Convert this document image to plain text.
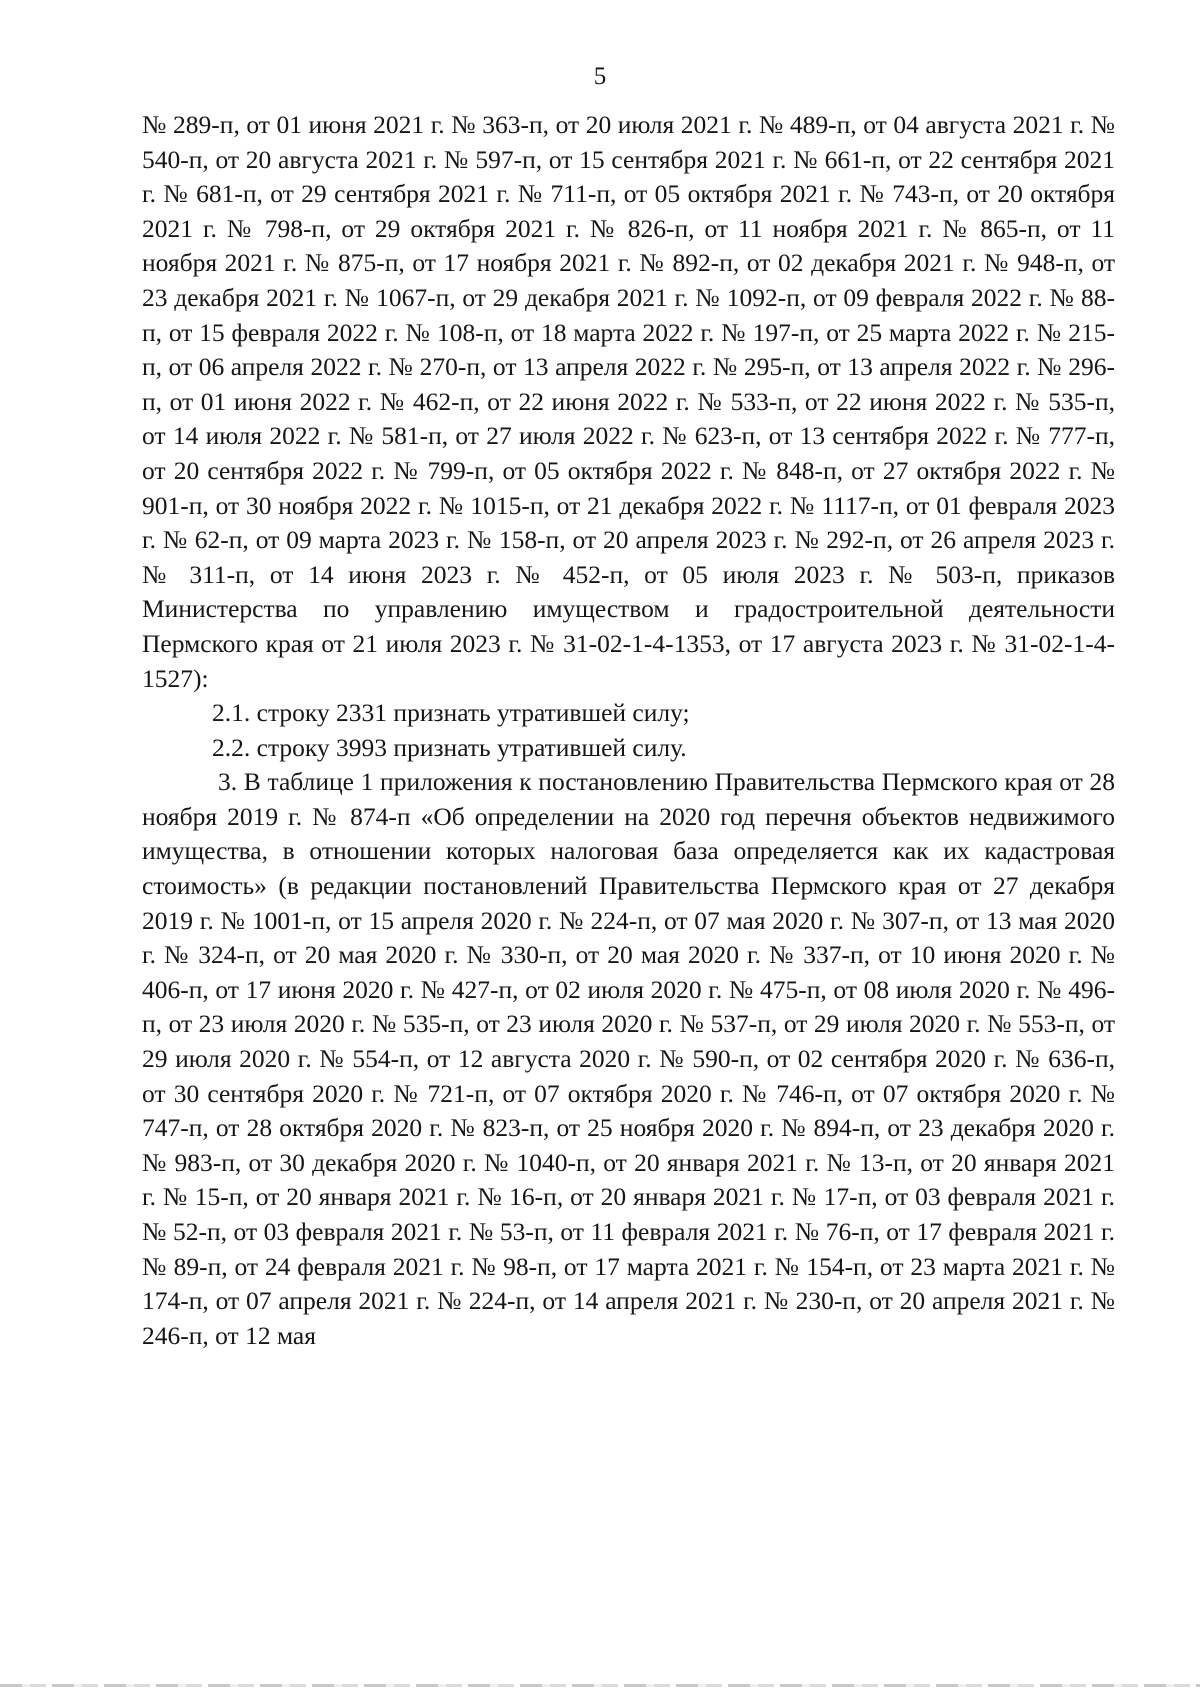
5

№ 289-п, от 01 июня 2021 г. № 363-п, от 20 июля 2021 г. № 489-п, от 04 августа 2021 г. № 540-п, от 20 августа 2021 г. № 597-п, от 15 сентября 2021 г. № 661-п, от 22 сентября 2021 г. № 681-п, от 29 сентября 2021 г. № 711-п, от 05 октября 2021 г. № 743-п, от 20 октября 2021 г. № 798-п, от 29 октября 2021 г. № 826-п, от 11 ноября 2021 г. № 865-п, от 11 ноября 2021 г. № 875-п, от 17 ноября 2021 г. № 892-п, от 02 декабря 2021 г. № 948-п, от 23 декабря 2021 г. № 1067-п, от 29 декабря 2021 г. № 1092-п, от 09 февраля 2022 г. № 88-п, от 15 февраля 2022 г. № 108-п, от 18 марта 2022 г. № 197-п, от 25 марта 2022 г. № 215-п, от 06 апреля 2022 г. № 270-п, от 13 апреля 2022 г. № 295-п, от 13 апреля 2022 г. № 296-п, от 01 июня 2022 г. № 462-п, от 22 июня 2022 г. № 533-п, от 22 июня 2022 г. № 535-п, от 14 июля 2022 г. № 581-п, от 27 июля 2022 г. № 623-п, от 13 сентября 2022 г. № 777-п, от 20 сентября 2022 г. № 799-п, от 05 октября 2022 г. № 848-п, от 27 октября 2022 г. № 901-п, от 30 ноября 2022 г. № 1015-п, от 21 декабря 2022 г. № 1117-п, от 01 февраля 2023 г. № 62-п, от 09 марта 2023 г. № 158-п, от 20 апреля 2023 г. № 292-п, от 26 апреля 2023 г. № 311-п, от 14 июня 2023 г. № 452-п, от 05 июля 2023 г. № 503-п, приказов Министерства по управлению имуществом и градостроительной деятельности Пермского края от 21 июля 2023 г. № 31-02-1-4-1353, от 17 августа 2023 г. № 31-02-1-4-1527):

2.1. строку 2331 признать утратившей силу;

2.2. строку 3993 признать утратившей силу.

3. В таблице 1 приложения к постановлению Правительства Пермского края от 28 ноября 2019 г. № 874-п «Об определении на 2020 год перечня объектов недвижимого имущества, в отношении которых налоговая база определяется как их кадастровая стоимость» (в редакции постановлений Правительства Пермского края от 27 декабря 2019 г. № 1001-п, от 15 апреля 2020 г. № 224-п, от 07 мая 2020 г. № 307-п, от 13 мая 2020 г. № 324-п, от 20 мая 2020 г. № 330-п, от 20 мая 2020 г. № 337-п, от 10 июня 2020 г. № 406-п, от 17 июня 2020 г. № 427-п, от 02 июля 2020 г. № 475-п, от 08 июля 2020 г. № 496-п, от 23 июля 2020 г. № 535-п, от 23 июля 2020 г. № 537-п, от 29 июля 2020 г. № 553-п, от 29 июля 2020 г. № 554-п, от 12 августа 2020 г. № 590-п, от 02 сентября 2020 г. № 636-п, от 30 сентября 2020 г. № 721-п, от 07 октября 2020 г. № 746-п, от 07 октября 2020 г. № 747-п, от 28 октября 2020 г. № 823-п, от 25 ноября 2020 г. № 894-п, от 23 декабря 2020 г. № 983-п, от 30 декабря 2020 г. № 1040-п, от 20 января 2021 г. № 13-п, от 20 января 2021 г. № 15-п, от 20 января 2021 г. № 16-п, от 20 января 2021 г. № 17-п, от 03 февраля 2021 г. № 52-п, от 03 февраля 2021 г. № 53-п, от 11 февраля 2021 г. № 76-п, от 17 февраля 2021 г. № 89-п, от 24 февраля 2021 г. № 98-п, от 17 марта 2021 г. № 154-п, от 23 марта 2021 г. № 174-п, от 07 апреля 2021 г. № 224-п, от 14 апреля 2021 г. № 230-п, от 20 апреля 2021 г. № 246-п, от 12 мая
